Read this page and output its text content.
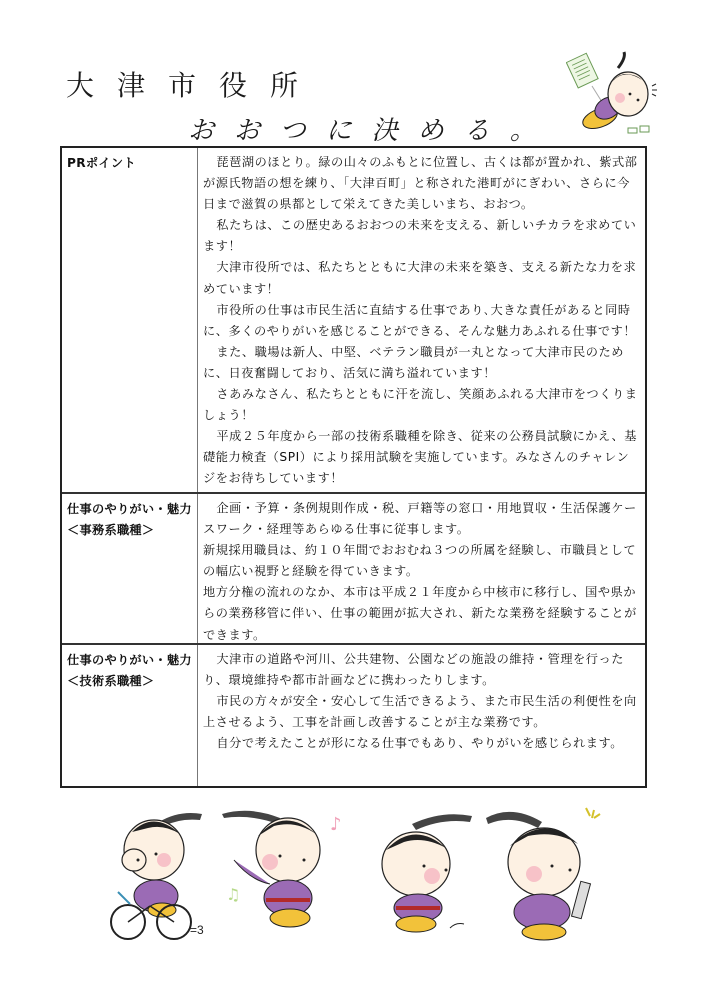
大津市役所
おおつに決める。
PRポイント	琵琶湖のほとり。緑の山々のふもとに位置し、古くは都が置かれ、紫式部が源氏物語の想を練り、「大津百町」と称された港町がにぎわい、さらに今日まで滋賀の県都として栄えてきた美しいまち、おおつ。

私たちは、この歴史あるおおつの未来を支える、新しいチカラを求めています！

大津市役所では、私たちとともに大津の未来を築き、支える新たな力を求めています！

市役所の仕事は市民生活に直結する仕事であり､大きな責任があると同時に、多くのやりがいを感じることができる、そんな魅力あふれる仕事です！

また、職場は新人、中堅、ベテラン職員が一丸となって大津市民のために、日夜奮闘しており、活気に満ち溢れています！

さあみなさん、私たちとともに汗を流し、笑顔あふれる大津市をつくりましょう！

平成２５年度から一部の技術系職種を除き、従来の公務員試験にかえ、基礎能力検査（SPI）により採用試験を実施しています。みなさんのチャレンジをお待ちしています！

仕事のやりがい・魅力
＜事務系職種＞

企画・予算・条例規則作成・税、戸籍等の窓口・用地買収・生活保護ケースワーク・経理等あらゆる仕事に従事します。

新規採用職員は、約１０年間でおおむね３つの所属を経験し、市職員としての幅広い視野と経験を得ていきます。

地方分権の流れのなか、本市は平成２１年度から中核市に移行し、国や県からの業務移管に伴い、仕事の範囲が拡大され、新たな業務を経験することができます。

仕事のやりがい・魅力
＜技術系職種＞

大津市の道路や河川、公共建物、公園などの施設の維持・管理を行ったり、環境維持や都市計画などに携わったりします。

市民の方々が安全・安心して生活できるよう、また市民生活の利便性を向上させるよう、工事を計画し改善することが主な業務です。

自分で考えたことが形になる仕事でもあり、やりがいを感じられます。

=3
♪
♫
